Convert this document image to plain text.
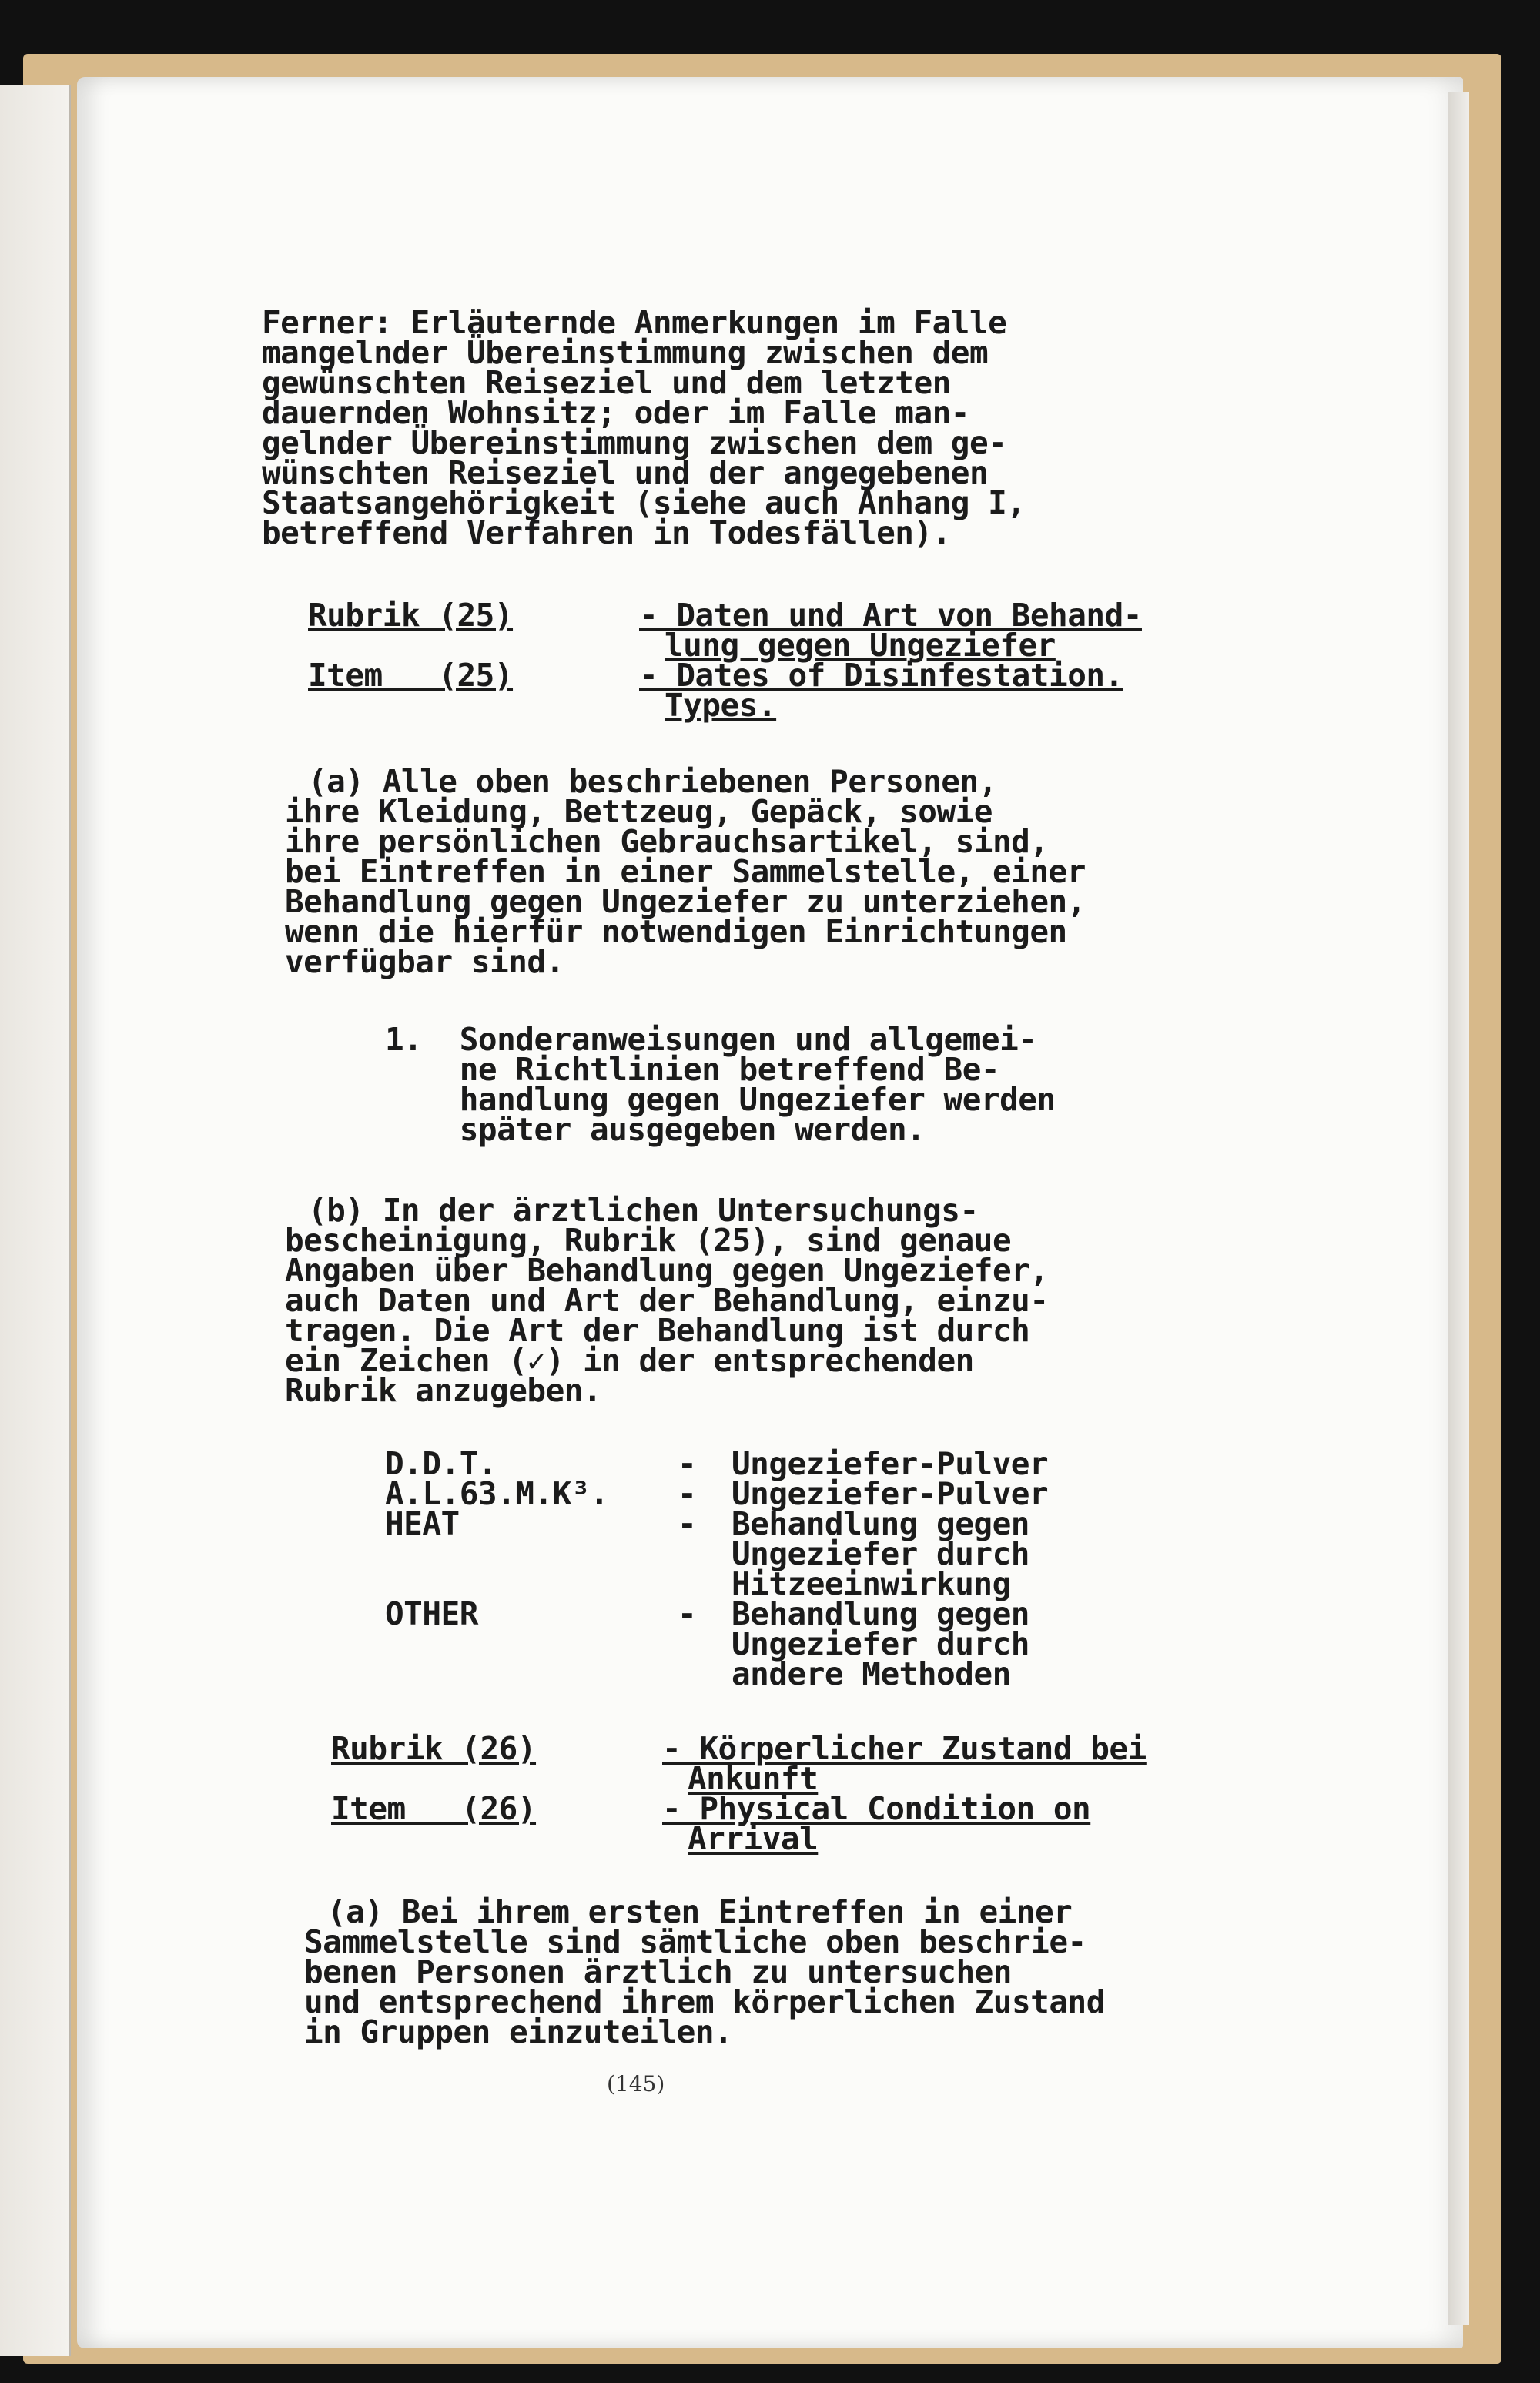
Ferner: Erläuternde Anmerkungen im Falle

mangelnder Übereinstimmung zwischen dem

gewünschten Reiseziel und dem letzten

dauernden Wohnsitz; oder im Falle man-

gelnder Übereinstimmung zwischen dem ge-

wünschten Reiseziel und der angegebenen

Staatsangehörigkeit (siehe auch Anhang I,

betreffend Verfahren in Todesfällen).

Rubrik (25)	- Daten und Art von Behand-
lung gegen Ungeziefer
Item   (25)	- Dates of Disinfestation.
Types.

(a) Alle oben beschriebenen Personen,

ihre Kleidung, Bettzeug, Gepäck, sowie

ihre persönlichen Gebrauchsartikel, sind,

bei Eintreffen in einer Sammelstelle, einer

Behandlung gegen Ungeziefer zu unterziehen,

wenn die hierfür notwendigen Einrichtungen

verfügbar sind.

1.  Sonderanweisungen und allgemei-

ne Richtlinien betreffend Be-

handlung gegen Ungeziefer werden

später ausgegeben werden.

(b) In der ärztlichen Untersuchungs-

bescheinigung, Rubrik (25), sind genaue

Angaben über Behandlung gegen Ungeziefer,

auch Daten und Art der Behandlung, einzu-

tragen. Die Art der Behandlung ist durch

ein Zeichen (✓) in der entsprechenden

Rubrik anzugeben.

D.D.T.	-	Ungeziefer-Pulver
A.L.63.M.K³.	-	Ungeziefer-Pulver
HEAT	-	Behandlung gegen
Ungeziefer durch
Hitzeeinwirkung
OTHER	-	Behandlung gegen
Ungeziefer durch
andere Methoden
Rubrik (26)	- Körperlicher Zustand bei
Ankunft
Item   (26)	- Physical Condition on
Arrival

(a) Bei ihrem ersten Eintreffen in einer

Sammelstelle sind sämtliche oben beschrie-

benen Personen ärztlich zu untersuchen

und entsprechend ihrem körperlichen Zustand

in Gruppen einzuteilen.

(145)
